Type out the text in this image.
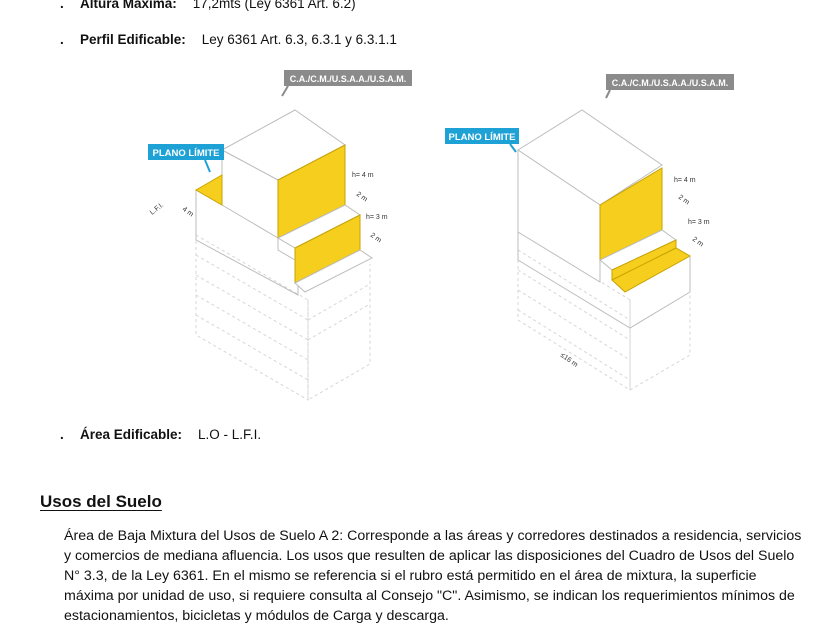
.	Altura Maxima: 17,2mts (Ley 6361 Art. 6.2)
.	Perfil Edificable: Ley 6361 Art. 6.3, 6.3.1 y 6.3.1.1
PLANO LÍMITE
C.A./C.M./U.S.A.A./U.S.A.M.
L.F.I. 4 m
h= 4 m
2 m
h= 3 m
2 m
PLANO LÍMITE
C.A./C.M./U.S.A.A./U.S.A.M.
h= 4 m
2 m
h= 3 m
2 m
≤16 m
.	Área Edificable: L.O - L.F.I.
Usos del Suelo
Área de Baja Mixtura del Usos de Suelo A 2: Corresponde a las áreas y corredores destinados a residencia, servicios y comercios de mediana afluencia. Los usos que resulten de aplicar las disposiciones del Cuadro de Usos del Suelo N° 3.3, de la Ley 6361. En el mismo se referencia si el rubro está permitido en el área de mixtura, la superficie máxima por unidad de uso, si requiere consulta al Consejo "C". Asimismo, se indican los requerimientos mínimos de estacionamientos, bicicletas y módulos de Carga y descarga.
